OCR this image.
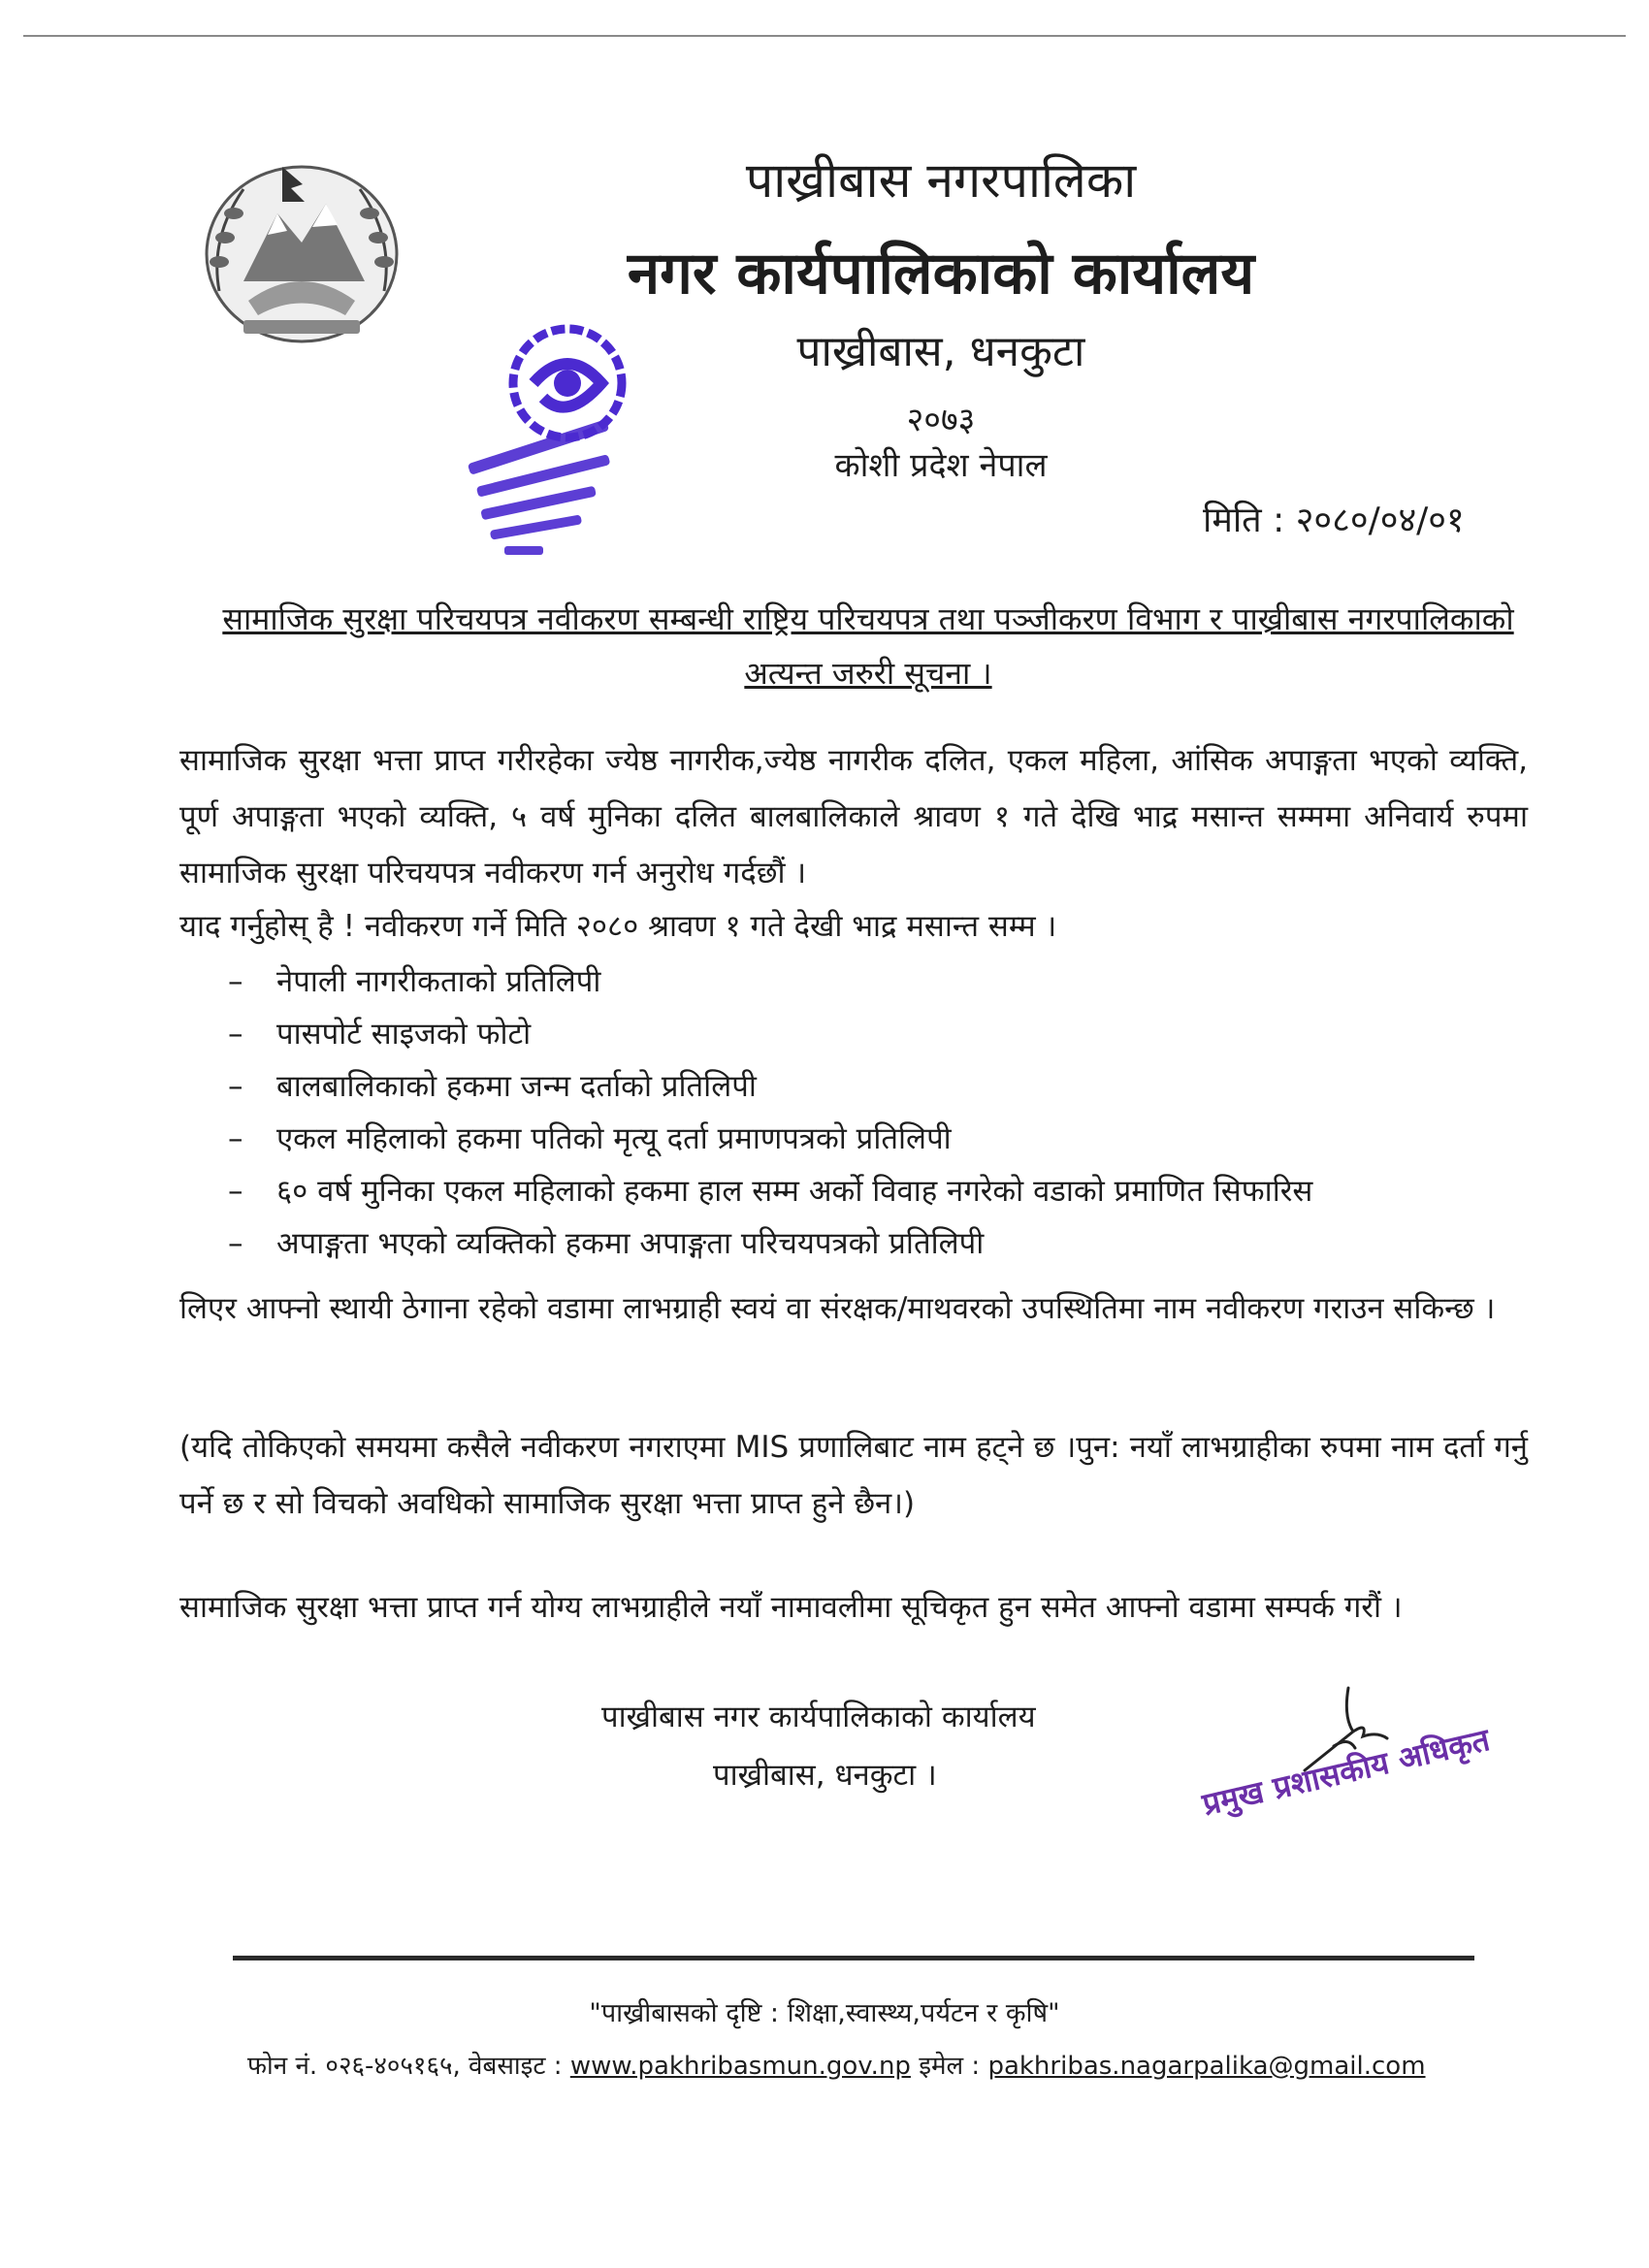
पाख्रीबास नगरपालिका
नगर कार्यपालिकाको कार्यालय
पाख्रीबास, धनकुटा
२०७३
कोशी प्रदेश नेपाल
मिति : २०८०/०४/०१
सामाजिक सुरक्षा परिचयपत्र नवीकरण सम्बन्धी राष्ट्रिय परिचयपत्र तथा पञ्जीकरण विभाग र पाख्रीबास नगरपालिकाको अत्यन्त जरुरी सूचना ।
सामाजिक सुरक्षा भत्ता प्राप्त गरीरहेका ज्येष्ठ नागरीक,ज्येष्ठ नागरीक दलित, एकल महिला, आंसिक अपाङ्गता भएको व्यक्ति, पूर्ण अपाङ्गता भएको व्यक्ति, ५ वर्ष मुनिका दलित बालबालिकाले श्रावण १ गते देखि भाद्र मसान्त सम्ममा अनिवार्य रुपमा सामाजिक सुरक्षा परिचयपत्र नवीकरण गर्न अनुरोध गर्दछौं ।
याद गर्नुहोस् है ! नवीकरण गर्ने मिति २०८० श्रावण १ गते देखी भाद्र मसान्त सम्म ।
– नेपाली नागरीकताको प्रतिलिपी
– पासपोर्ट साइजको फोटो
– बालबालिकाको हकमा जन्म दर्ताको प्रतिलिपी
– एकल महिलाको हकमा पतिको मृत्यू दर्ता प्रमाणपत्रको प्रतिलिपी
– ६० वर्ष मुनिका एकल महिलाको हकमा हाल सम्म अर्को विवाह नगरेको वडाको प्रमाणित सिफारिस
– अपाङ्गता भएको व्यक्तिको हकमा अपाङ्गता परिचयपत्रको प्रतिलिपी
लिएर आफ्नो स्थायी ठेगाना रहेको वडामा लाभग्राही स्वयं वा संरक्षक/माथवरको उपस्थितिमा नाम नवीकरण गराउन सकिन्छ ।
(यदि तोकिएको समयमा कसैले नवीकरण नगराएमा MIS प्रणालिबाट नाम हट्ने छ ।पुन: नयाँ लाभग्राहीका रुपमा नाम दर्ता गर्नु पर्ने छ र सो विचको अवधिको सामाजिक सुरक्षा भत्ता प्राप्त हुने छैन।)
सामाजिक सुरक्षा भत्ता प्राप्त गर्न योग्य लाभग्राहीले नयाँ नामावलीमा सूचिकृत हुन समेत आफ्नो वडामा सम्पर्क गरौं ।
पाख्रीबास नगर कार्यपालिकाको कार्यालय
पाख्रीबास, धनकुटा ।	प्रमुख प्रशासकीय अधिकृत
"पाख्रीबासको दृष्टि : शिक्षा,स्वास्थ्य,पर्यटन र कृषि"
फोन नं. ०२६-४०५१६५, वेबसाइट : www.pakhribasmun.gov.np इमेल : pakhribas.nagarpalika@gmail.com
